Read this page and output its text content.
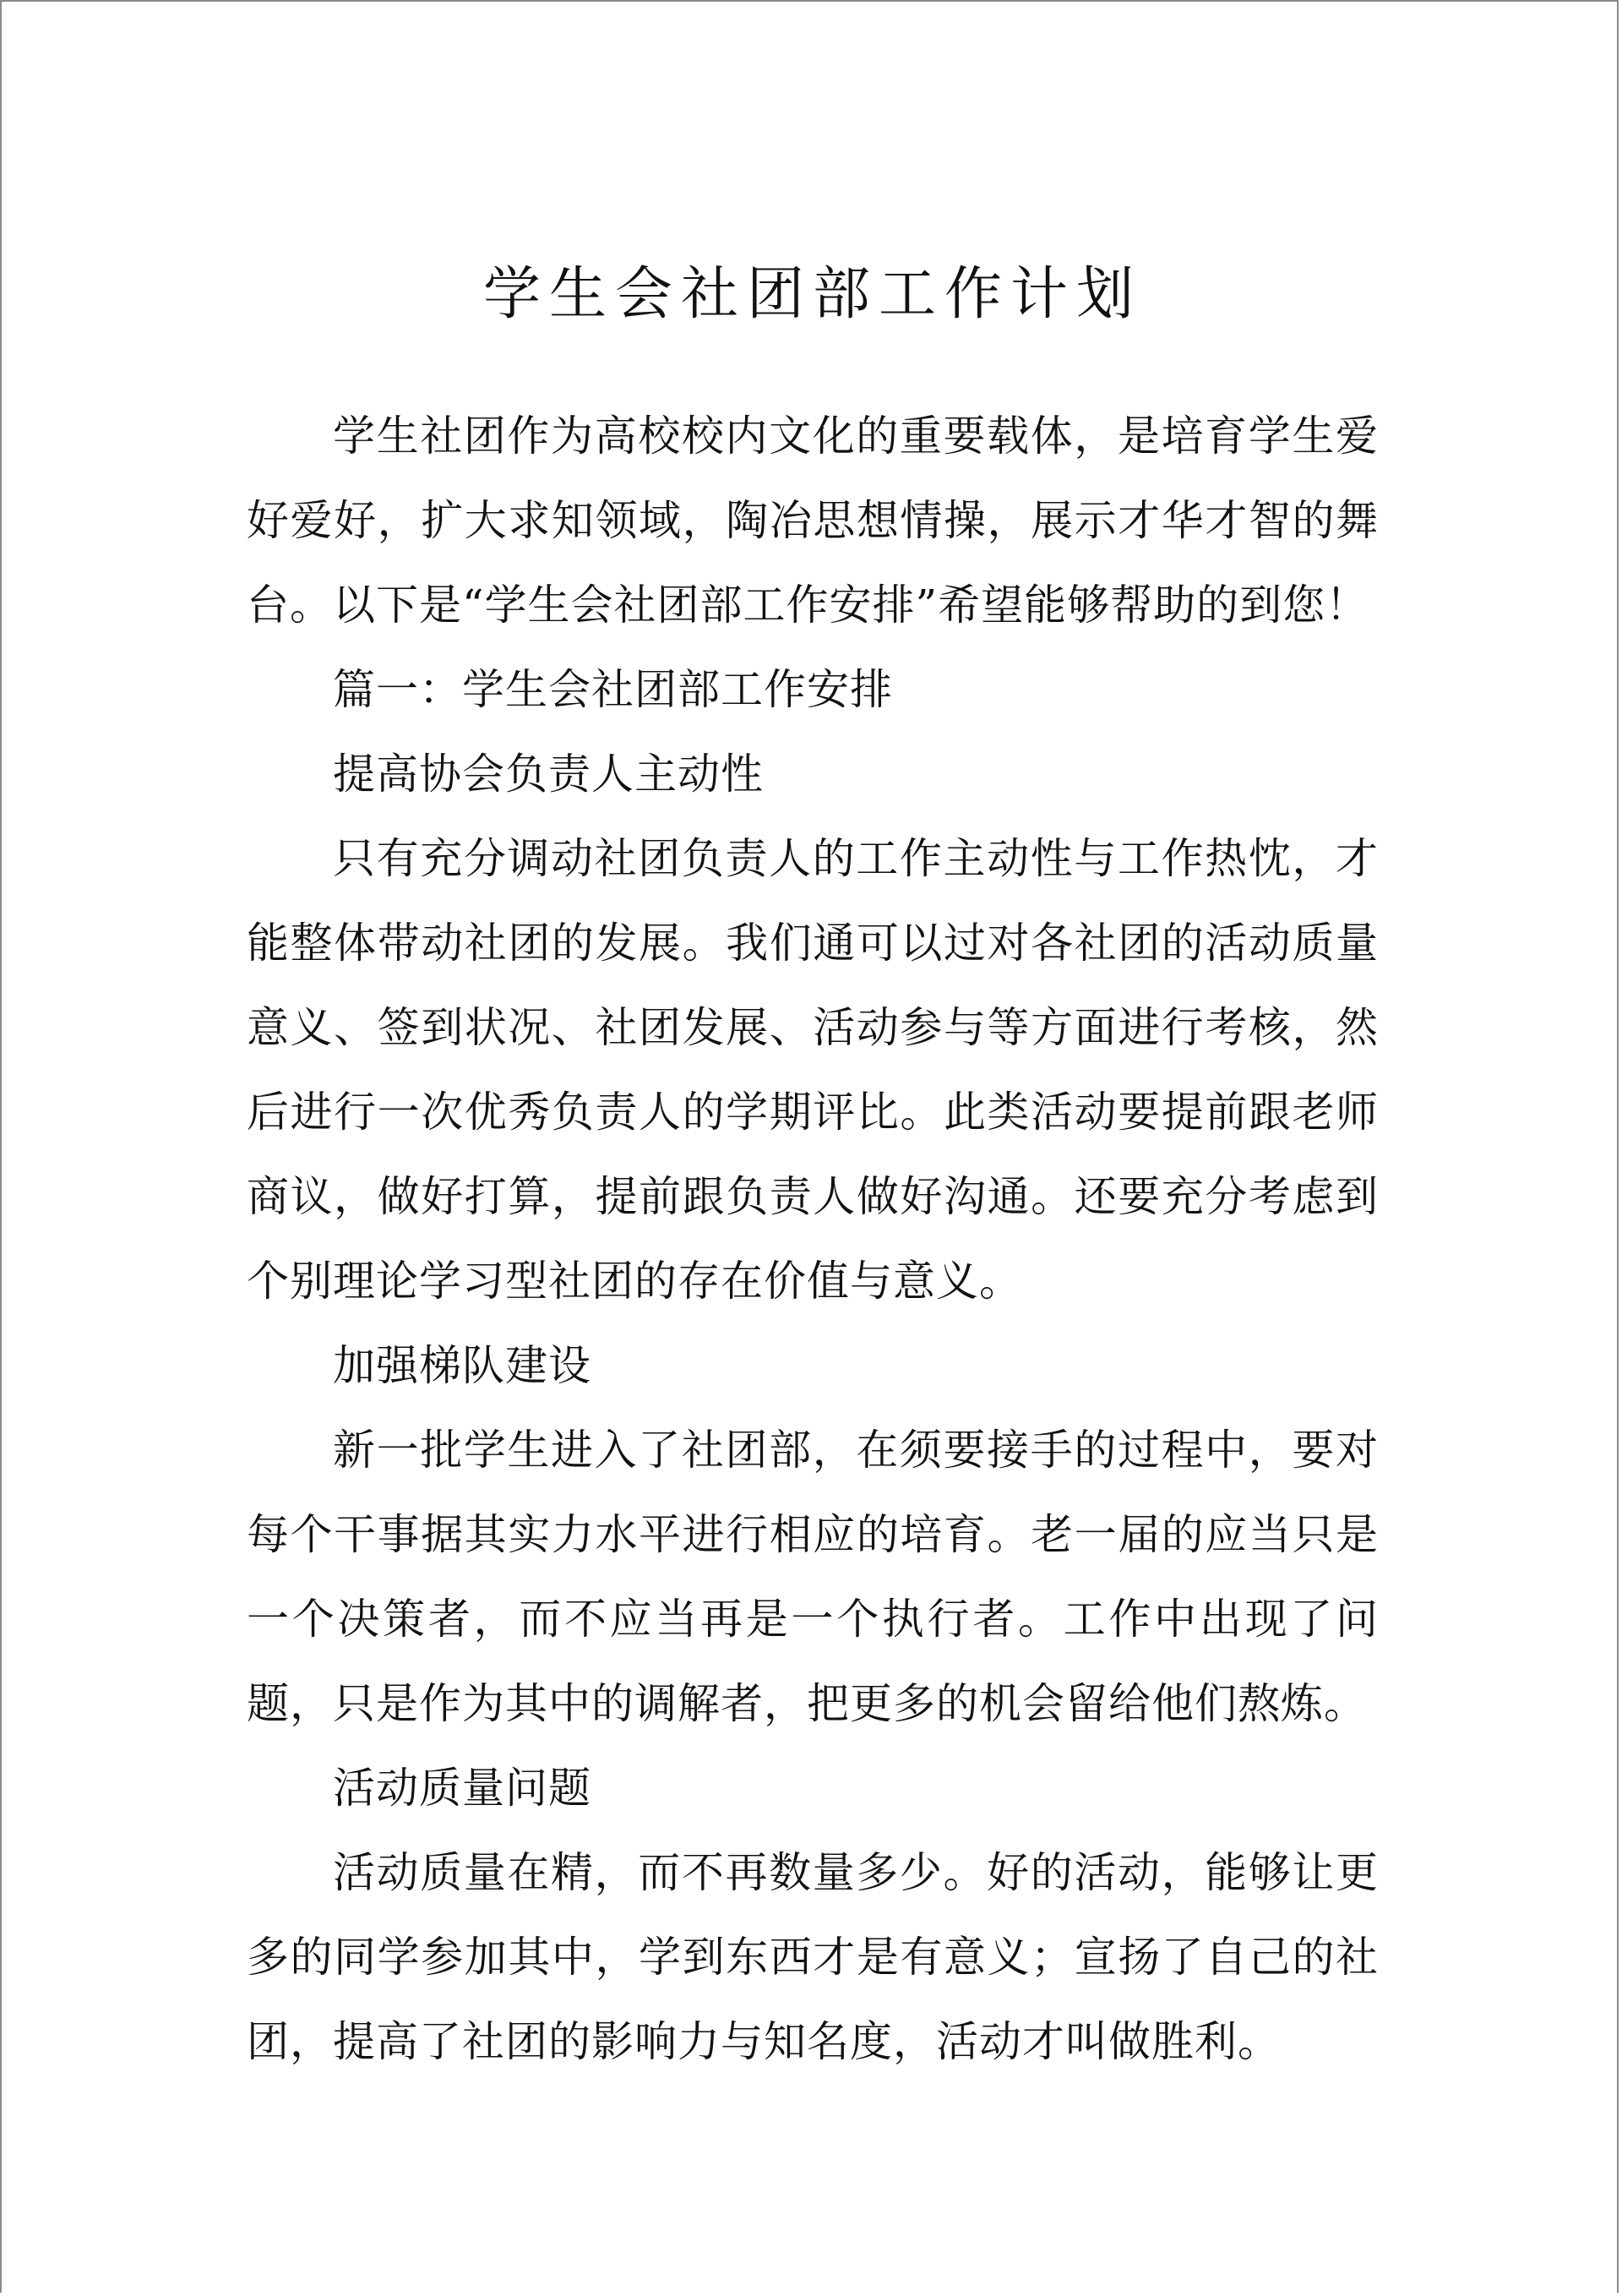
学生会社团部工作计划

学生社团作为高校校内文化的重要载体，是培育学生爱好爱好，扩大求知领域，陶冶思想情操，展示才华才智的舞台。以下是“学生会社团部工作安排”希望能够帮助的到您！

篇一：学生会社团部工作安排

提高协会负责人主动性

只有充分调动社团负责人的工作主动性与工作热忱，才能整体带动社团的发展。我们通可以过对各社团的活动质量意义、签到状况、社团发展、活动参与等方面进行考核，然后进行一次优秀负责人的学期评比。此类活动要提前跟老师商议，做好打算，提前跟负责人做好沟通。还要充分考虑到个别理论学习型社团的存在价值与意义。

加强梯队建设

新一批学生进入了社团部，在须要接手的过程中，要对每个干事据其实力水平进行相应的培育。老一届的应当只是一个决策者，而不应当再是一个执行者。工作中出现了问题，只是作为其中的调解者，把更多的机会留给他们熬炼。

活动质量问题

活动质量在精，而不再数量多少。好的活动，能够让更多的同学参加其中，学到东西才是有意义；宣扬了自己的社团，提高了社团的影响力与知名度，活动才叫做胜利。
